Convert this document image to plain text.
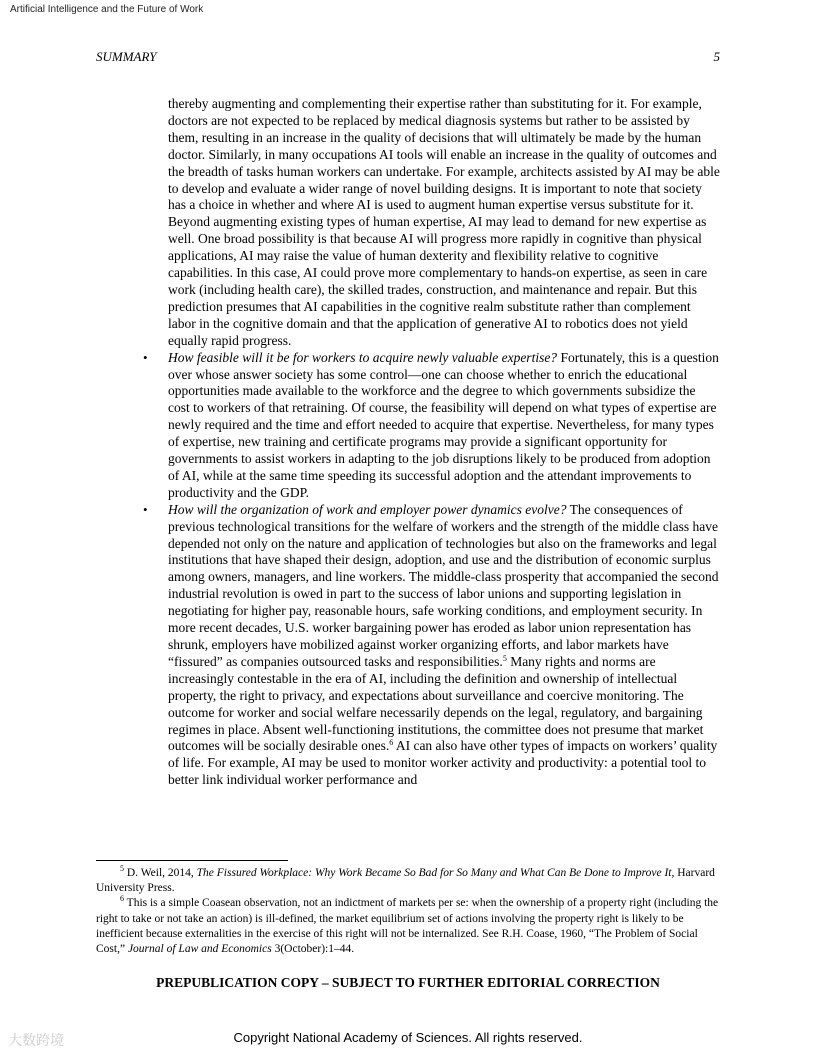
Artificial Intelligence and the Future of Work
SUMMARY	5

thereby augmenting and complementing their expertise rather than substituting for it. For example, doctors are not expected to be replaced by medical diagnosis systems but rather to be assisted by them, resulting in an increase in the quality of decisions that will ultimately be made by the human doctor. Similarly, in many occupations AI tools will enable an increase in the quality of outcomes and the breadth of tasks human workers can undertake. For example, architects assisted by AI may be able to develop and evaluate a wider range of novel building designs. It is important to note that society has a choice in whether and where AI is used to augment human expertise versus substitute for it. Beyond augmenting existing types of human expertise, AI may lead to demand for new expertise as well. One broad possibility is that because AI will progress more rapidly in cognitive than physical applications, AI may raise the value of human dexterity and flexibility relative to cognitive capabilities. In this case, AI could prove more complementary to hands-on expertise, as seen in care work (including health care), the skilled trades, construction, and maintenance and repair. But this prediction presumes that AI capabilities in the cognitive realm substitute rather than complement labor in the cognitive domain and that the application of generative AI to robotics does not yield equally rapid progress.

• How feasible will it be for workers to acquire newly valuable expertise? Fortunately, this is a question over whose answer society has some control—one can choose whether to enrich the educational opportunities made available to the workforce and the degree to which governments subsidize the cost to workers of that retraining. Of course, the feasibility will depend on what types of expertise are newly required and the time and effort needed to acquire that expertise. Nevertheless, for many types of expertise, new training and certificate programs may provide a significant opportunity for governments to assist workers in adapting to the job disruptions likely to be produced from adoption of AI, while at the same time speeding its successful adoption and the attendant improvements to productivity and the GDP.

• How will the organization of work and employer power dynamics evolve? The consequences of previous technological transitions for the welfare of workers and the strength of the middle class have depended not only on the nature and application of technologies but also on the frameworks and legal institutions that have shaped their design, adoption, and use and the distribution of economic surplus among owners, managers, and line workers. The middle-class prosperity that accompanied the second industrial revolution is owed in part to the success of labor unions and supporting legislation in negotiating for higher pay, reasonable hours, safe working conditions, and employment security. In more recent decades, U.S. worker bargaining power has eroded as labor union representation has shrunk, employers have mobilized against worker organizing efforts, and labor markets have “fissured” as companies outsourced tasks and responsibilities.$^5$ Many rights and norms are increasingly contestable in the era of AI, including the definition and ownership of intellectual property, the right to privacy, and expectations about surveillance and coercive monitoring. The outcome for worker and social welfare necessarily depends on the legal, regulatory, and bargaining regimes in place. Absent well-functioning institutions, the committee does not presume that market outcomes will be socially desirable ones.$^6$ AI can also have other types of impacts on workers’ quality of life. For example, AI may be used to monitor worker activity and productivity: a potential tool to better link individual worker performance and

$^5$ D. Weil, 2014, The Fissured Workplace: Why Work Became So Bad for So Many and What Can Be Done to Improve It, Harvard University Press.

$^6$ This is a simple Coasean observation, not an indictment of markets per se: when the ownership of a property right (including the right to take or not take an action) is ill-defined, the market equilibrium set of actions involving the property right is likely to be inefficient because externalities in the exercise of this right will not be internalized. See R.H. Coase, 1960, “The Problem of Social Cost,” Journal of Law and Economics 3(October):1–44.

PREPUBLICATION COPY – SUBJECT TO FURTHER EDITORIAL CORRECTION
大数跨境	Copyright National Academy of Sciences. All rights reserved.
